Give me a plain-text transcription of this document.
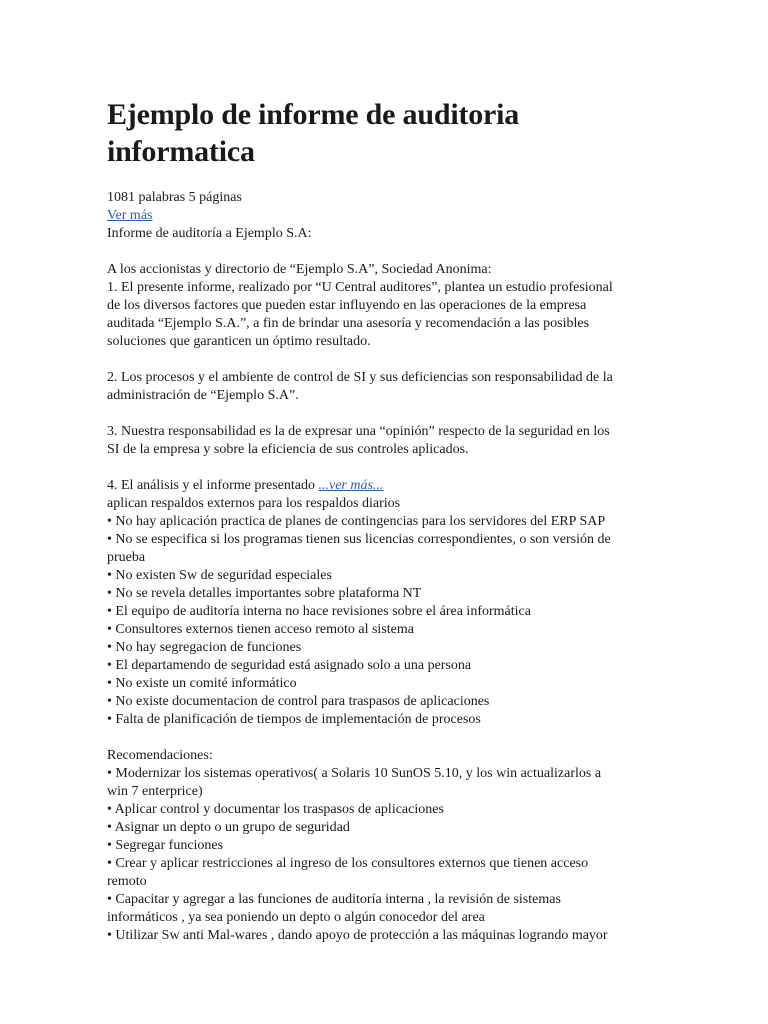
Ejemplo de informe de auditoria
informatica
1081 palabras 5 páginas
Ver más
Informe de auditoría a Ejemplo S.A:
A los accionistas y directorio de “Ejemplo S.A”, Sociedad Anonima:
1. El presente informe, realizado por “U Central auditores”, plantea un estudio profesional
de los diversos factores que pueden estar influyendo en las operaciones de la empresa
auditada “Ejemplo S.A.”, a fin de brindar una asesoría y recomendación a las posibles
soluciones que garanticen un óptimo resultado.
2. Los procesos y el ambiente de control de SI y sus deficiencias son responsabilidad de la
administración de “Ejemplo S.A”.
3. Nuestra responsabilidad es la de expresar una “opinión” respecto de la seguridad en los
SI de la empresa y sobre la eficiencia de sus controles aplicados.
4. El análisis y el informe presentado ...ver más...
aplican respaldos externos para los respaldos diarios
• No hay aplicación practica de planes de contingencias para los servidores del ERP SAP
• No se especifica si los programas tienen sus licencias correspondientes, o son versión de
prueba
• No existen Sw de seguridad especiales
• No se revela detalles importantes sobre plataforma NT
• El equipo de auditoría interna no hace revisiones sobre el área informática
• Consultores externos tienen acceso remoto al sistema
• No hay segregacion de funciones
• El departamendo de seguridad está asignado solo a una persona
• No existe un comité informático
• No existe documentacion de control para traspasos de aplicaciones
• Falta de planificación de tiempos de implementación de procesos
Recomendaciones:
• Modernizar los sistemas operativos( a Solaris 10 SunOS 5.10, y los win actualizarlos a
win 7 enterprice)
• Aplicar control y documentar los traspasos de aplicaciones
• Asignar un depto o un grupo de seguridad
• Segregar funciones
• Crear y aplicar restricciones al ingreso de los consultores externos que tienen acceso
remoto
• Capacitar y agregar a las funciones de auditoría interna , la revisión de sistemas
informáticos , ya sea poniendo un depto o algún conocedor del area
• Utilizar Sw anti Mal-wares , dando apoyo de protección a las máquinas logrando mayor
